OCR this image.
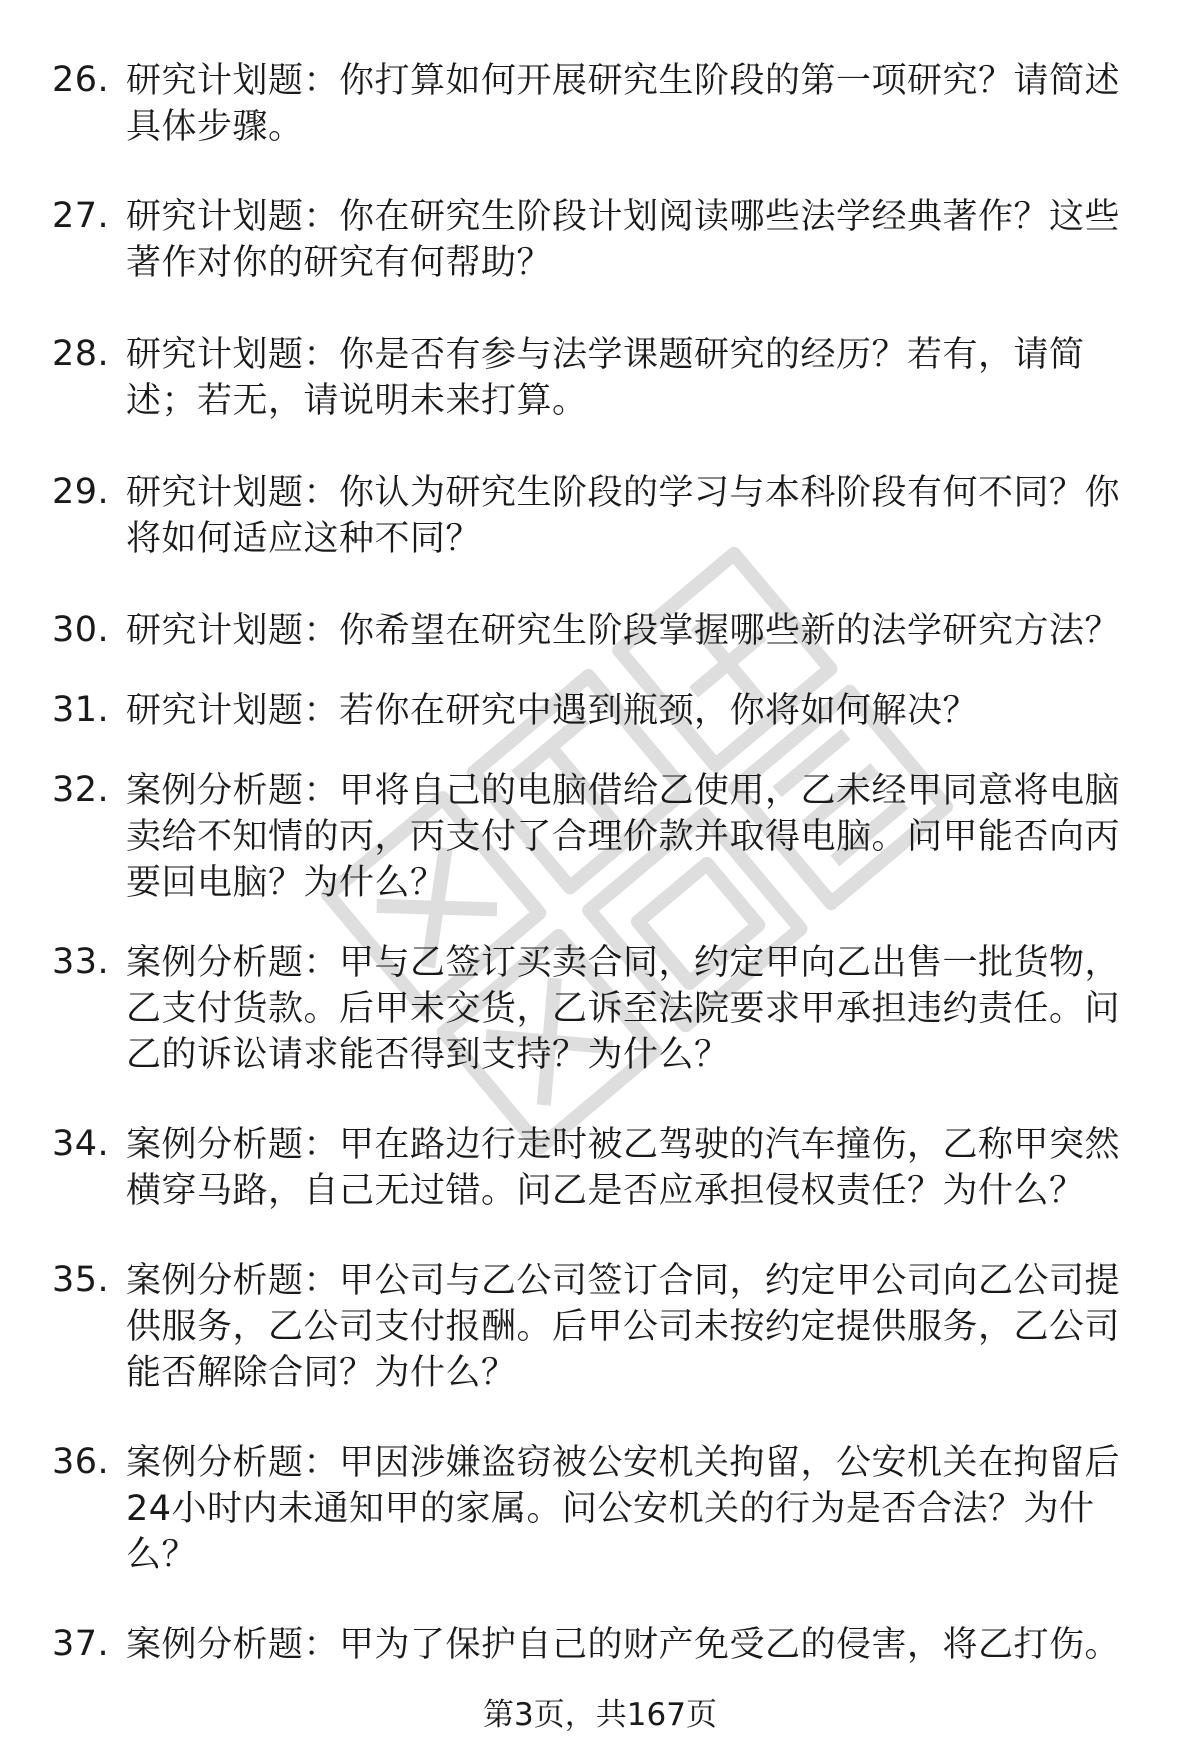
26. 研究计划题：你打算如何开展研究生阶段的第一项研究？请简述具体步骤。
27. 研究计划题：你在研究生阶段计划阅读哪些法学经典著作？这些著作对你的研究有何帮助？
28. 研究计划题：你是否有参与法学课题研究的经历？若有，请简述；若无，请说明未来打算。
29. 研究计划题：你认为研究生阶段的学习与本科阶段有何不同？你将如何适应这种不同？
30. 研究计划题：你希望在研究生阶段掌握哪些新的法学研究方法？
31. 研究计划题：若你在研究中遇到瓶颈，你将如何解决？
32. 案例分析题：甲将自己的电脑借给乙使用，乙未经甲同意将电脑卖给不知情的丙，丙支付了合理价款并取得电脑。问甲能否向丙要回电脑？为什么？
33. 案例分析题：甲与乙签订买卖合同，约定甲向乙出售一批货物，乙支付货款。后甲未交货，乙诉至法院要求甲承担违约责任。问乙的诉讼请求能否得到支持？为什么？
34. 案例分析题：甲在路边行走时被乙驾驶的汽车撞伤，乙称甲突然横穿马路，自己无过错。问乙是否应承担侵权责任？为什么？
35. 案例分析题：甲公司与乙公司签订合同，约定甲公司向乙公司提供服务，乙公司支付报酬。后甲公司未按约定提供服务，乙公司能否解除合同？为什么？
36. 案例分析题：甲因涉嫌盗窃被公安机关拘留，公安机关在拘留后24小时内未通知甲的家属。问公安机关的行为是否合法？为什么？
37. 案例分析题：甲为了保护自己的财产免受乙的侵害，将乙打伤。
第3页，共167页
